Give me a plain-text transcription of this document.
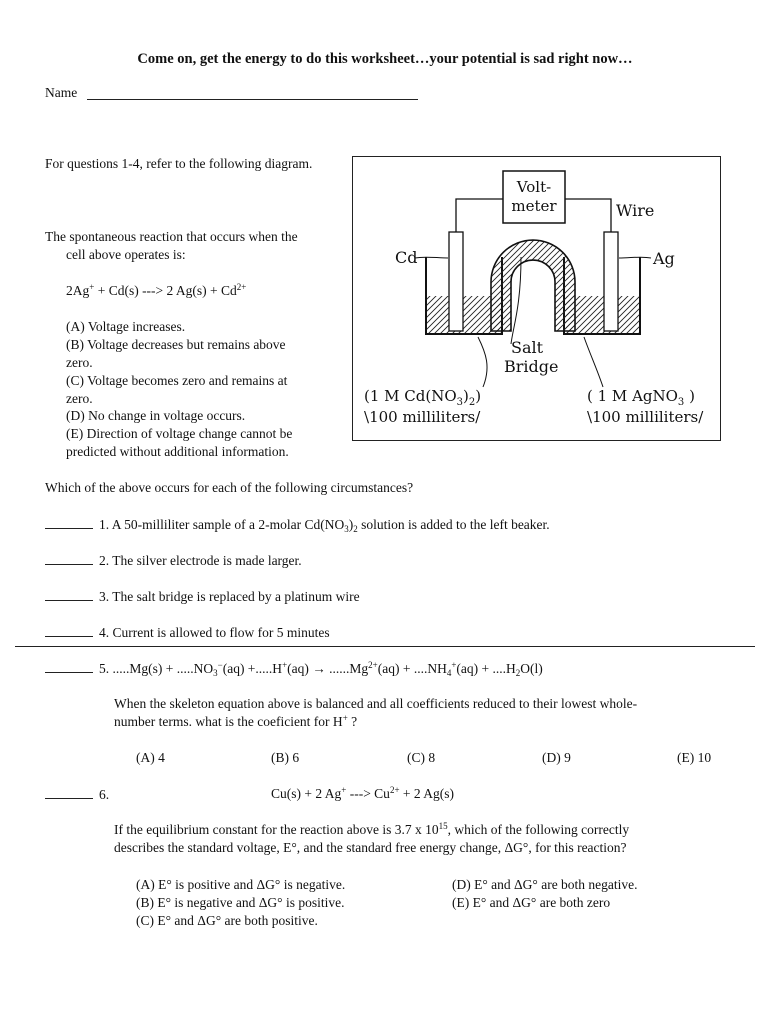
Come on, get the energy to do this worksheet…your potential is sad right now…
Name
For questions 1-4, refer to the following diagram.
Volt-
meter	Wire
Cd	Ag
Salt
Bridge
(1 M $Cd(NO_3)_2$)
\100 milliliters/
( 1 M AgNO$_3$ )
\100 milliliters/
The spontaneous reaction that occurs when the
cell above operates is:
2Ag+ + Cd(s) ---> 2 $Ag(s) + Cd^{2+}$
(A) Voltage increases.
(B) Voltage decreases but remains above
zero.
(C) Voltage becomes zero and remains at
zero.
(D) No change in voltage occurs.
(E) Direction of voltage change cannot be
predicted without additional information.
Which of the above occurs for each of the following circumstances?
1. A 50-milliliter sample of a 2-molar $Cd(NO_3)_2$ solution is added to the left beaker.
2. The silver electrode is made larger.
3. The salt bridge is replaced by a platinum wire
4. Current is allowed to flow for 5 minutes
5. $.....Mg(s) + .....NO_3^-(aq) +.....H^+(aq) \to ......Mg^{2+}(aq) + ....NH_4^+(aq) + ....H_2O(l)$
When the skeleton equation above is balanced and all coefficients reduced to their lowest whole-
number terms. what is the coeficient for H+ ?
(A) 4	(B) 6	(C) 8	(D) 9	(E) 10
6.	Cu(s) + 2 Ag+ ---> $Cu^{2+} + 2$ Ag(s)
If the equilibrium constant for the reaction above is 3.7 x $10^{15}$, which of the following correctly
describes the standard voltage, E°, and the standard free energy change, ΔG°, for this reaction?
(A) E° is positive and ΔG° is negative.
(B) E° is negative and ΔG° is positive.
(C) E° and ΔG° are both positive.
(D) E° and ΔG° are both negative.
(E) E° and ΔG° are both zero
